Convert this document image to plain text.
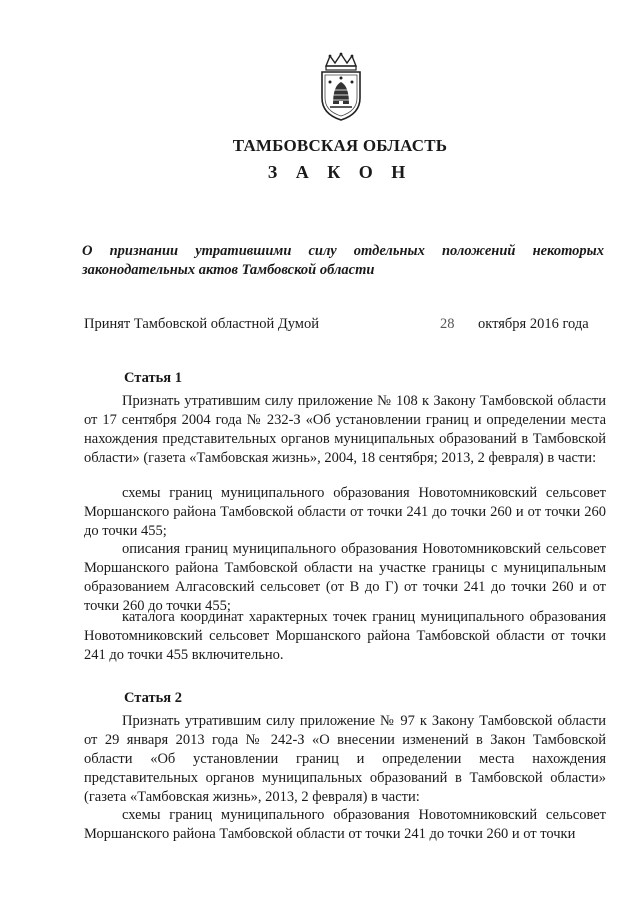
ТАМБОВСКАЯ ОБЛАСТЬ
З А К О Н
О признании утратившими силу отдельных положений некоторых законодательных актов Тамбовской области
Принят Тамбовской областной Думой	28 октября 2016 года
Статья 1
Признать утратившим силу приложение № 108 к Закону Тамбовской области от 17 сентября 2004 года № 232-З «Об установлении границ и определении места нахождения представительных органов муниципальных образований в Тамбовской области» (газета «Тамбовская жизнь», 2004, 18 сентября; 2013, 2 февраля) в части:
схемы границ муниципального образования Новотомниковский сельсовет Моршанского района Тамбовской области от точки 241 до точки 260 и от точки 260 до точки 455;
описания границ муниципального образования Новотомниковский сельсовет Моршанского района Тамбовской области на участке границы с муниципальным образованием Алгасовский сельсовет (от В до Г) от точки 241 до точки 260 и от точки 260 до точки 455;
каталога координат характерных точек границ муниципального образования Новотомниковский сельсовет Моршанского района Тамбовской области от точки 241 до точки 455 включительно.
Статья 2
Признать утратившим силу приложение № 97 к Закону Тамбовской области от 29 января 2013 года № 242-З «О внесении изменений в Закон Тамбовской области «Об установлении границ и определении места нахождения представительных органов муниципальных образований в Тамбовской области» (газета «Тамбовская жизнь», 2013, 2 февраля) в части:
схемы границ муниципального образования Новотомниковский сельсовет Моршанского района Тамбовской области от точки 241 до точки 260 и от точки
